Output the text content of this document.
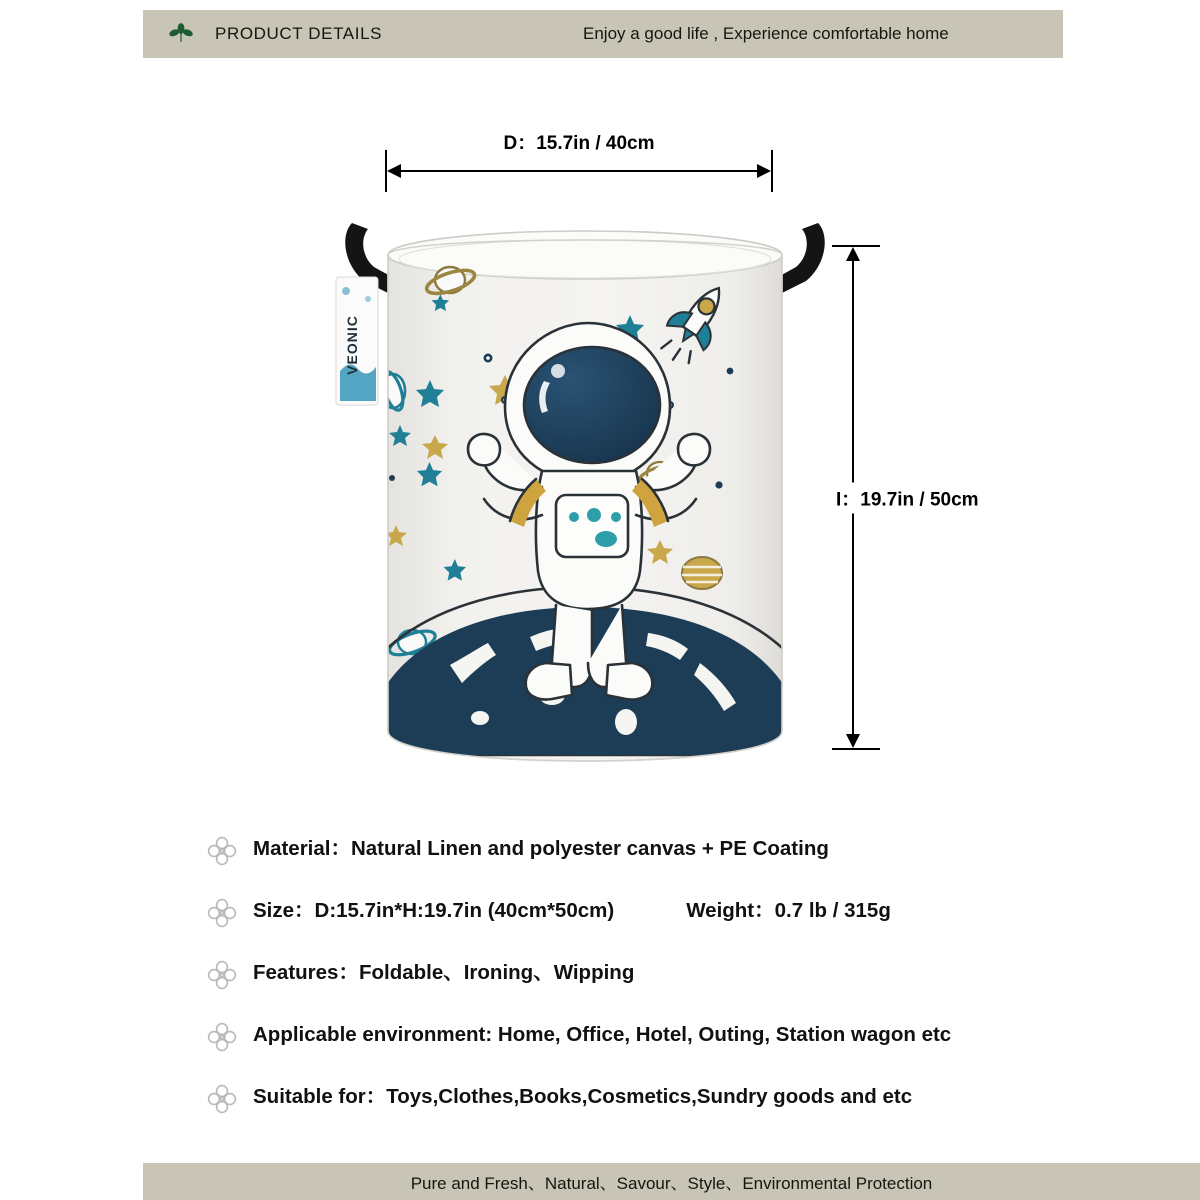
PRODUCT DETAILS	Enjoy a good life , Experience comfortable home
D：15.7in / 40cm
I：19.7in / 50cm
VEONIC
Material：Natural Linen and polyester canvas + PE Coating
Size：D:15.7in*H:19.7in (40cm*50cm)	Weight：0.7 lb / 315g
Features：Foldable、Ironing、Wipping
Applicable environment: Home, Office, Hotel, Outing, Station wagon etc
Suitable for：Toys,Clothes,Books,Cosmetics,Sundry goods and etc
Pure and Fresh、Natural、Savour、Style、Environmental Protection
